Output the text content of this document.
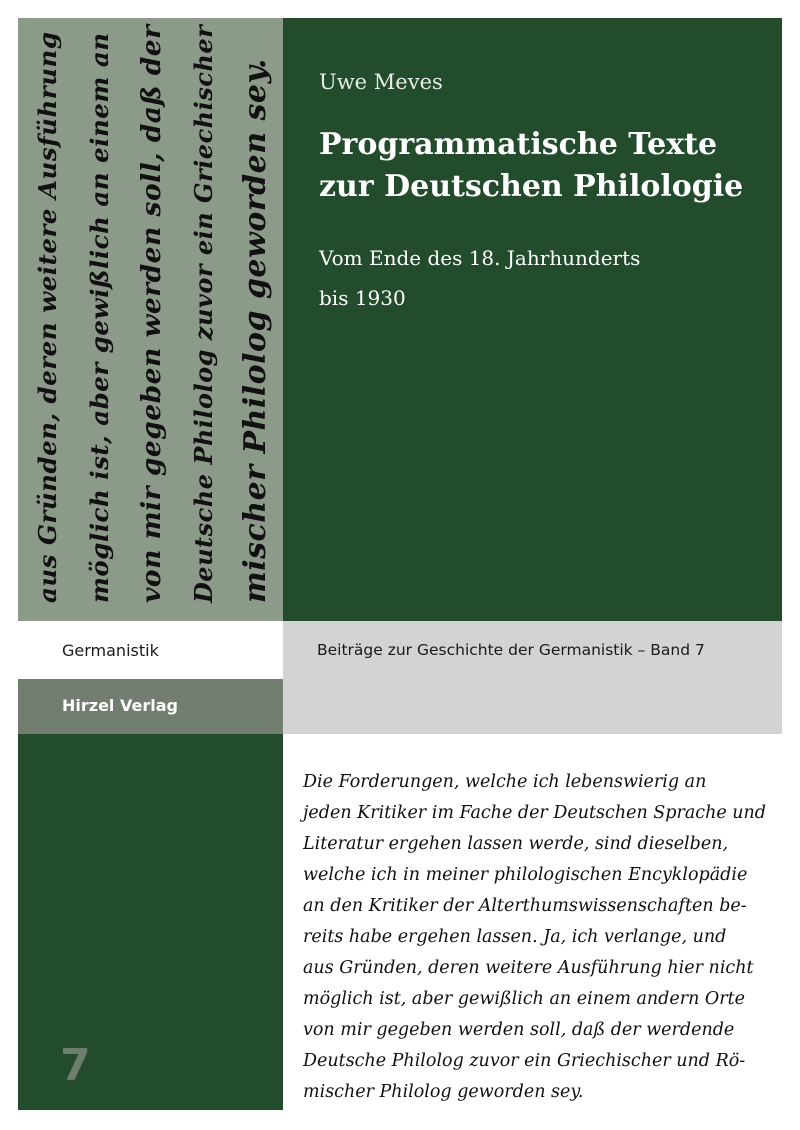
aus Gründen, deren weitere Ausführung möglich ist, aber gewißlich an einem an von mir gegeben werden soll, daß der Deutsche Philolog zuvor ein Griechischer mischer Philolog geworden sey.	Uwe Meves
Programmatische Texte
zur Deutschen Philologie
Vom Ende des 18. Jahrhunderts
bis 1930
Germanistik
Hirzel Verlag
Beiträge zur Geschichte der Germanistik – Band 7
7
Die Forderungen, welche ich lebenswierig an
jeden Kritiker im Fache der Deutschen Sprache und
Literatur ergehen lassen werde, sind dieselben,
welche ich in meiner philologischen Encyklopädie
an den Kritiker der Alterthumswissenschaften be-
reits habe ergehen lassen. Ja, ich verlange, und
aus Gründen, deren weitere Ausführung hier nicht
möglich ist, aber gewißlich an einem andern Orte
von mir gegeben werden soll, daß der werdende
Deutsche Philolog zuvor ein Griechischer und Rö-
mischer Philolog geworden sey.
